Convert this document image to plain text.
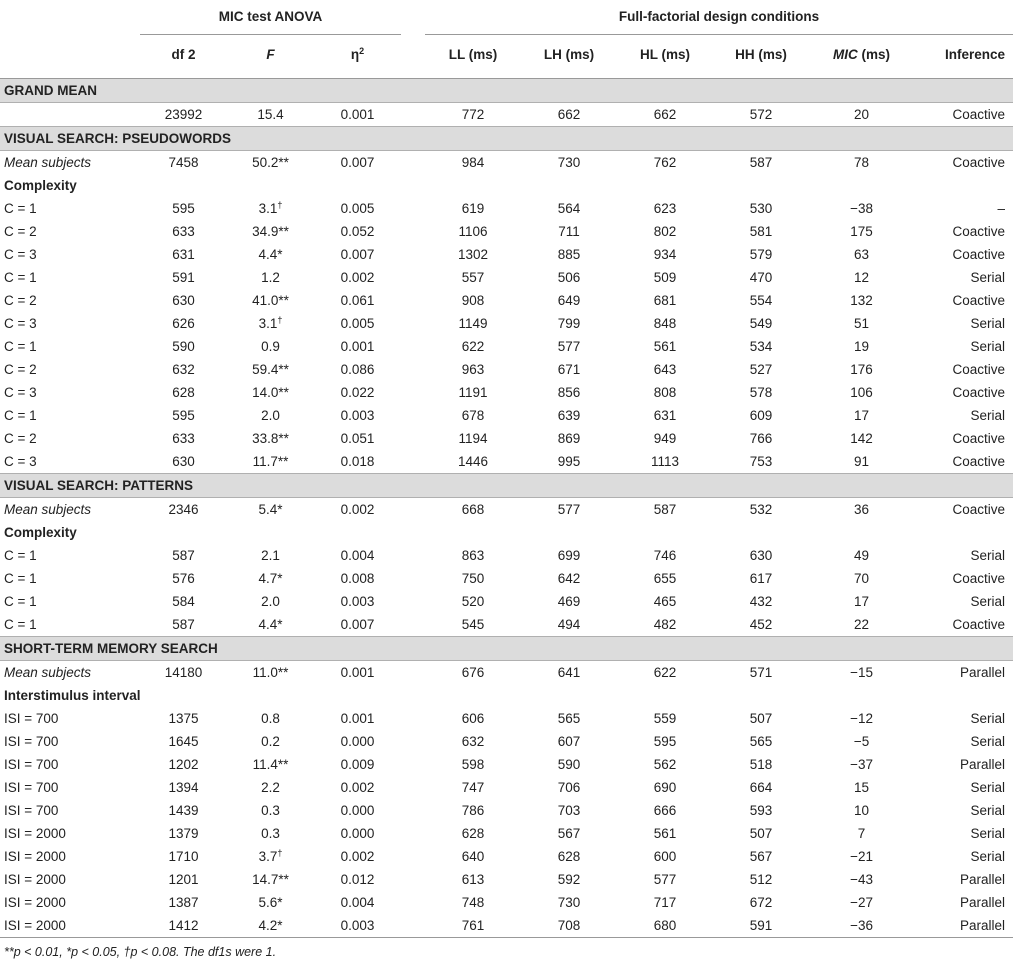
	MIC test ANOVA				Full-factorial design conditions					
	df 2	F	$\eta^2$		LL (ms)	LH (ms)	HL (ms)	HH (ms)	MIC (ms)	Inference

GRAND MEAN										
	23992	15.4	0.001		772	662	662	572	20	Coactive
VISUAL SEARCH: PSEUDOWORDS										
Mean subjects	7458	50.2**	0.007		984	730	762	587	78	Coactive
Complexity										
C = 1	595	3.1†	0.005		619	564	623	530	−38	–
C = 2	633	34.9**	0.052		1106	711	802	581	175	Coactive
C = 3	631	4.4*	0.007		1302	885	934	579	63	Coactive
C = 1	591	1.2	0.002		557	506	509	470	12	Serial
C = 2	630	41.0**	0.061		908	649	681	554	132	Coactive
C = 3	626	3.1†	0.005		1149	799	848	549	51	Serial
C = 1	590	0.9	0.001		622	577	561	534	19	Serial
C = 2	632	59.4**	0.086		963	671	643	527	176	Coactive
C = 3	628	14.0**	0.022		1191	856	808	578	106	Coactive
C = 1	595	2.0	0.003		678	639	631	609	17	Serial
C = 2	633	33.8**	0.051		1194	869	949	766	142	Coactive
C = 3	630	11.7**	0.018		1446	995	1113	753	91	Coactive
VISUAL SEARCH: PATTERNS										
Mean subjects	2346	5.4*	0.002		668	577	587	532	36	Coactive
Complexity										
C = 1	587	2.1	0.004		863	699	746	630	49	Serial
C = 1	576	4.7*	0.008		750	642	655	617	70	Coactive
C = 1	584	2.0	0.003		520	469	465	432	17	Serial
C = 1	587	4.4*	0.007		545	494	482	452	22	Coactive
SHORT-TERM MEMORY SEARCH										
Mean subjects	14180	11.0**	0.001		676	641	622	571	−15	Parallel
Interstimulus interval										
ISI = 700	1375	0.8	0.001		606	565	559	507	−12	Serial
ISI = 700	1645	0.2	0.000		632	607	595	565	−5	Serial
ISI = 700	1202	11.4**	0.009		598	590	562	518	−37	Parallel
ISI = 700	1394	2.2	0.002		747	706	690	664	15	Serial
ISI = 700	1439	0.3	0.000		786	703	666	593	10	Serial
ISI = 2000	1379	0.3	0.000		628	567	561	507	7	Serial
ISI = 2000	1710	3.7†	0.002		640	628	600	567	−21	Serial
ISI = 2000	1201	14.7**	0.012		613	592	577	512	−43	Parallel
ISI = 2000	1387	5.6*	0.004		748	730	717	672	−27	Parallel
ISI = 2000	1412	4.2*	0.003		761	708	680	591	−36	Parallel
**p < 0.01, *p < 0.05, †p < 0.08. The df1s were 1.
